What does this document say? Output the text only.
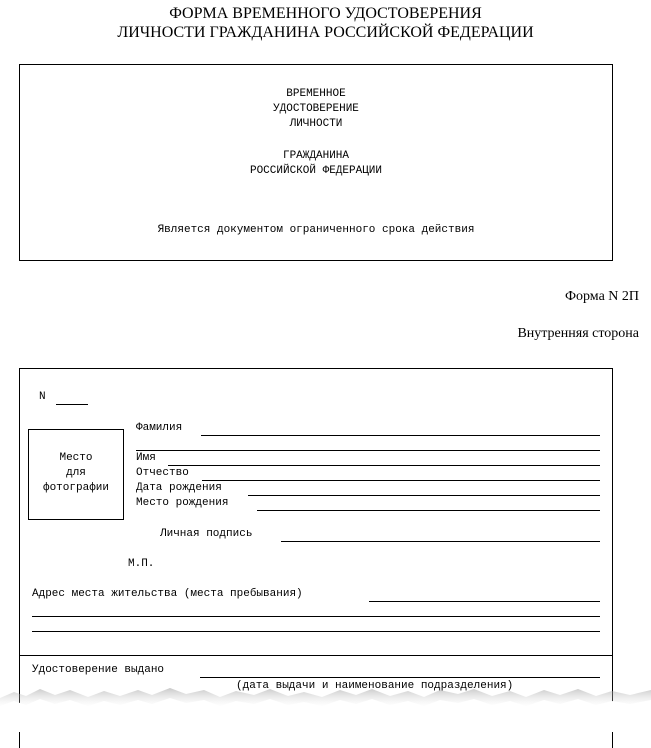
ФОРМА ВРЕМЕННОГО УДОСТОВЕРЕНИЯ
ЛИЧНОСТИ ГРАЖДАНИНА РОССИЙСКОЙ ФЕДЕРАЦИИ
ВРЕМЕННОЕ
УДОСТОВЕРЕНИЕ
ЛИЧНОСТИ
ГРАЖДАНИНА
РОССИЙСКОЙ ФЕДЕРАЦИИ
Является документом ограниченного срока действия
Форма N 2П
Внутренняя сторона
N
Место
для
фотографии
Фамилия
Имя
Отчество
Дата рождения
Место рождения
Личная подпись
М.П.
Адрес места жительства (места пребывания)
Удостоверение выдано
(дата выдачи и наименование подразделения)
